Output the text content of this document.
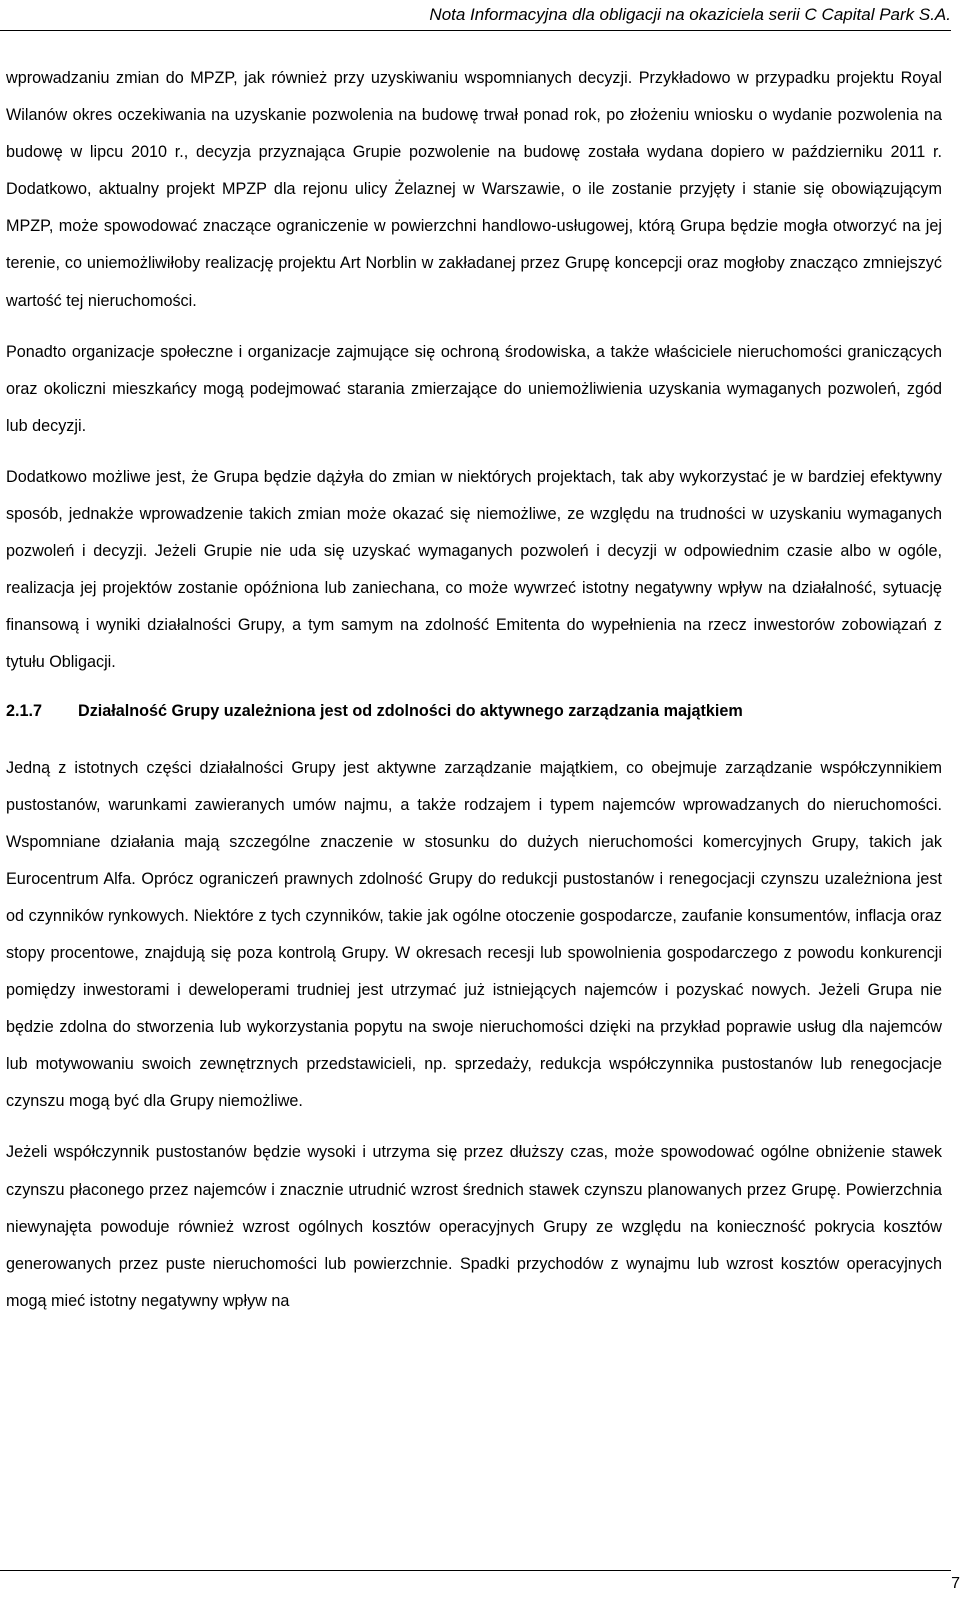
Nota Informacyjna dla obligacji na okaziciela serii C Capital Park S.A.

wprowadzaniu zmian do MPZP, jak również przy uzyskiwaniu wspomnianych decyzji. Przykładowo w przypadku projektu Royal Wilanów okres oczekiwania na uzyskanie pozwolenia na budowę trwał ponad rok, po złożeniu wniosku o wydanie pozwolenia na budowę w lipcu 2010 r., decyzja przyznająca Grupie pozwolenie na budowę została wydana dopiero w październiku 2011 r. Dodatkowo, aktualny projekt MPZP dla rejonu ulicy Żelaznej w Warszawie, o ile zostanie przyjęty i stanie się obowiązującym MPZP, może spowodować znaczące ograniczenie w powierzchni handlowo-usługowej, którą Grupa będzie mogła otworzyć na jej terenie, co uniemożliwiłoby realizację projektu Art Norblin w zakładanej przez Grupę koncepcji oraz mogłoby znacząco zmniejszyć wartość tej nieruchomości.

Ponadto organizacje społeczne i organizacje zajmujące się ochroną środowiska, a także właściciele nieruchomości graniczących oraz okoliczni mieszkańcy mogą podejmować starania zmierzające do uniemożliwienia uzyskania wymaganych pozwoleń, zgód lub decyzji.

Dodatkowo możliwe jest, że Grupa będzie dążyła do zmian w niektórych projektach, tak aby wykorzystać je w bardziej efektywny sposób, jednakże wprowadzenie takich zmian może okazać się niemożliwe, ze względu na trudności w uzyskaniu wymaganych pozwoleń i decyzji. Jeżeli Grupie nie uda się uzyskać wymaganych pozwoleń i decyzji w odpowiednim czasie albo w ogóle, realizacja jej projektów zostanie opóźniona lub zaniechana, co może wywrzeć istotny negatywny wpływ na działalność, sytuację finansową i wyniki działalności Grupy, a tym samym na zdolność Emitenta do wypełnienia na rzecz inwestorów zobowiązań z tytułu Obligacji.

2.1.7	Działalność Grupy uzależniona jest od zdolności do aktywnego zarządzania majątkiem

Jedną z istotnych części działalności Grupy jest aktywne zarządzanie majątkiem, co obejmuje zarządzanie współczynnikiem pustostanów, warunkami zawieranych umów najmu, a także rodzajem i typem najemców wprowadzanych do nieruchomości. Wspomniane działania mają szczególne znaczenie w stosunku do dużych nieruchomości komercyjnych Grupy, takich jak Eurocentrum Alfa. Oprócz ograniczeń prawnych zdolność Grupy do redukcji pustostanów i renegocjacji czynszu uzależniona jest od czynników rynkowych. Niektóre z tych czynników, takie jak ogólne otoczenie gospodarcze, zaufanie konsumentów, inflacja oraz stopy procentowe, znajdują się poza kontrolą Grupy. W okresach recesji lub spowolnienia gospodarczego z powodu konkurencji pomiędzy inwestorami i deweloperami trudniej jest utrzymać już istniejących najemców i pozyskać nowych. Jeżeli Grupa nie będzie zdolna do stworzenia lub wykorzystania popytu na swoje nieruchomości dzięki na przykład poprawie usług dla najemców lub motywowaniu swoich zewnętrznych przedstawicieli, np. sprzedaży, redukcja współczynnika pustostanów lub renegocjacje czynszu mogą być dla Grupy niemożliwe.

Jeżeli współczynnik pustostanów będzie wysoki i utrzyma się przez dłuższy czas, może spowodować ogólne obniżenie stawek czynszu płaconego przez najemców i znacznie utrudnić wzrost średnich stawek czynszu planowanych przez Grupę. Powierzchnia niewynajęta powoduje również wzrost ogólnych kosztów operacyjnych Grupy ze względu na konieczność pokrycia kosztów generowanych przez puste nieruchomości lub powierzchnie. Spadki przychodów z wynajmu lub wzrost kosztów operacyjnych mogą mieć istotny negatywny wpływ na

7
